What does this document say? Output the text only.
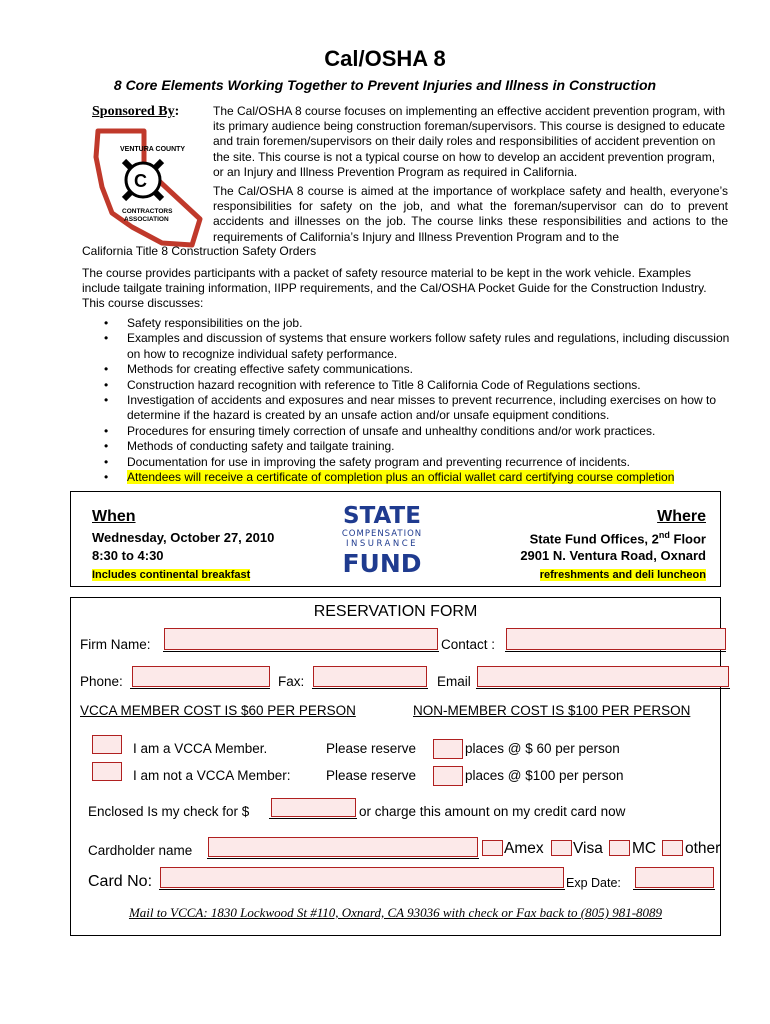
Cal/OSHA 8
8 Core Elements Working Together to Prevent Injuries and Illness in Construction
Sponsored By:
VENTURA COUNTY
C
CONTRACTORS
ASSOCIATION
The Cal/OSHA 8 course focuses on implementing an effective accident prevention program, with its primary audience being construction foreman/supervisors. This course is designed to educate and train foremen/supervisors on their daily roles and responsibilities of accident prevention on the site. This course is not a typical course on how to develop an accident prevention program, or an Injury and Illness Prevention Program as required in California.
The Cal/OSHA 8 course is aimed at the importance of workplace safety and health, everyone’s responsibilities for safety on the job, and what the foreman/supervisor can do to prevent accidents and illnesses on the job. The course links these responsibilities and actions to the requirements of California’s Injury and Illness Prevention Program and to the
California Title 8 Construction Safety Orders
The course provides participants with a packet of safety resource material to be kept in the work vehicle. Examples include tailgate training information, IIPP requirements, and the Cal/OSHA Pocket Guide for the Construction Industry. This course discusses:
• Safety responsibilities on the job.
• Examples and discussion of systems that ensure workers follow safety rules and regulations, including discussion on how to recognize individual safety performance.
• Methods for creating effective safety communications.
• Construction hazard recognition with reference to Title 8 California Code of Regulations sections.
• Investigation of accidents and exposures and near misses to prevent recurrence, including exercises on how to determine if the hazard is created by an unsafe action and/or unsafe equipment conditions.
• Procedures for ensuring timely correction of unsafe and unhealthy conditions and/or work practices.
• Methods of conducting safety and tailgate training.
• Documentation for use in improving the safety program and preventing recurrence of incidents.
• Attendees will receive a certificate of completion plus an official wallet card certifying course completion
When
Wednesday, October 27, 2010
8:30 to 4:30
Includes continental breakfast
Where
State Fund Offices, 2nd Floor
2901 N. Ventura Road, Oxnard
refreshments and deli luncheon
STATE
COMPENSATION
INSURANCE
FUND
RESERVATION FORM
Firm Name:	Contact :
Phone:	Fax:	Email
VCCA MEMBER COST IS $60 PER PERSON	NON-MEMBER COST IS $100 PER PERSON
I am a VCCA Member.	Please reserve	places @ $ 60 per person
I am not a VCCA Member:	Please reserve	places @ $100 per person
Enclosed Is my check for $	or charge this amount on my credit card now
Cardholder name	Amex Visa MC other
Card No:	Exp Date:
Mail to VCCA: 1830 Lockwood St #110, Oxnard, CA 93036 with check or Fax back to (805) 981-8089
